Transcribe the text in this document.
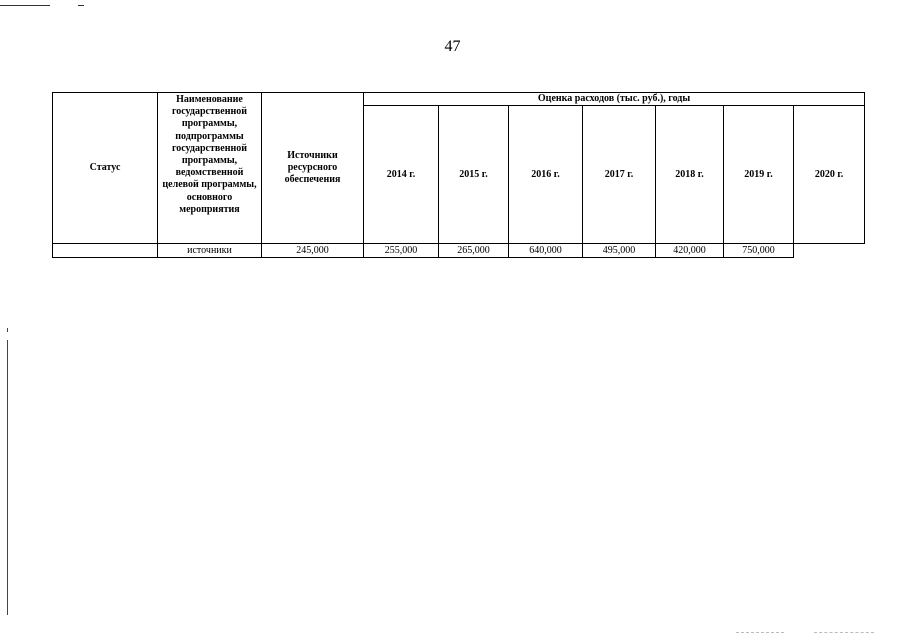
47
Статус	Наименование государственной программы, подпрограммы государственной программы, ведомственной целевой программы, основного мероприятия	Источники ресурсного обеспечения	Оценка расходов (тыс. руб.), годы						
			2014 г.	2015 г.	2016 г.	2017 г.	2018 г.	2019 г.	2020 г.
	источники	245,000	255,000	265,000	640,000	495,000	420,000	750,000	
